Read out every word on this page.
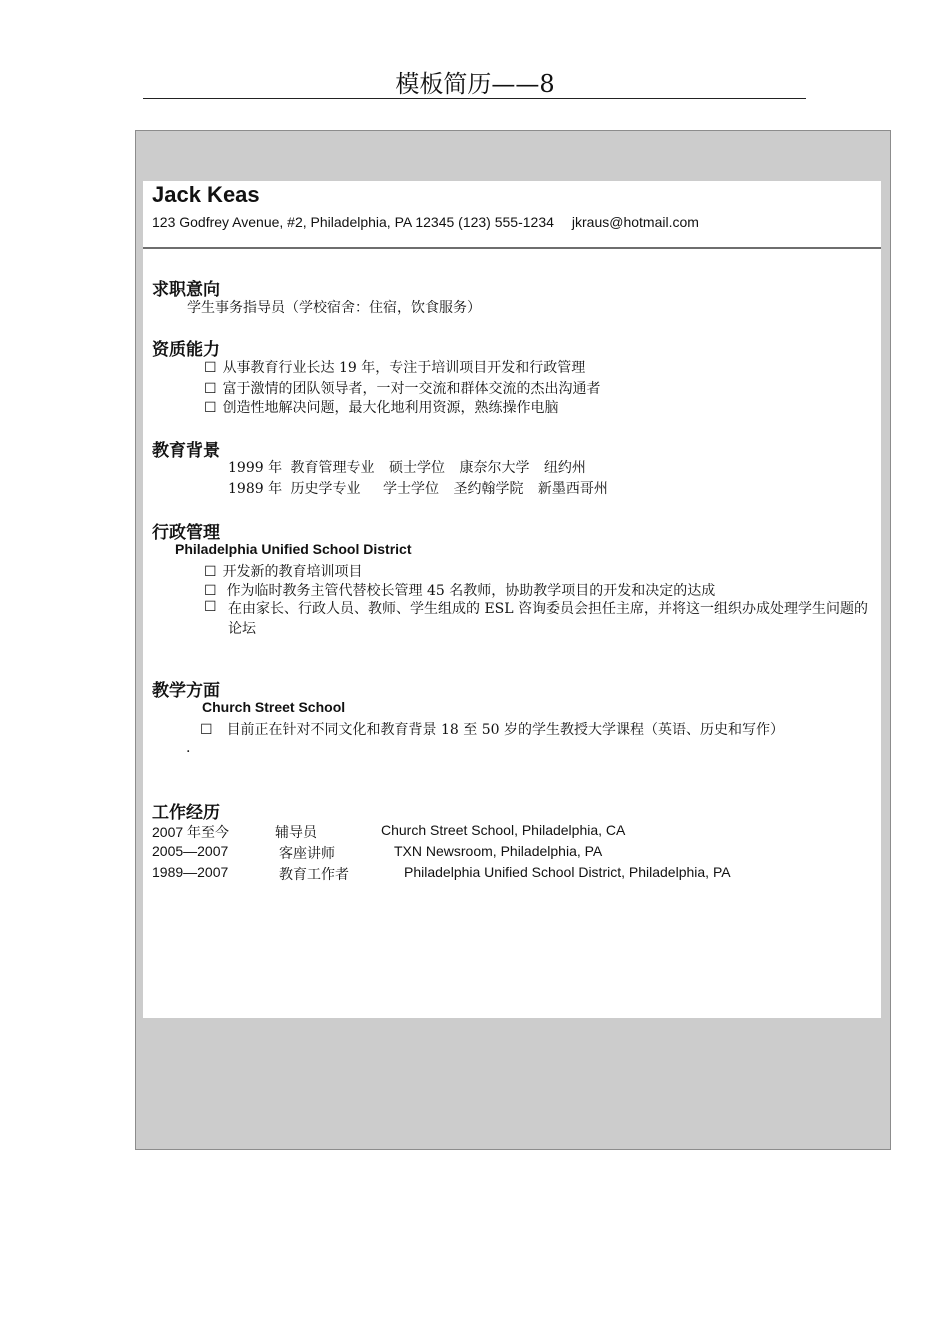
模板简历——8
Jack Keas
123 Godfrey Avenue, #2, Philadelphia, PA 12345 (123) 555-1234 jkraus@hotmail.com
求职意向
学生事务指导员（学校宿舍：住宿，饮食服务）
资质能力
☐ 从事教育行业长达 19 年，专注于培训项目开发和行政管理
☐ 富于激情的团队领导者，一对一交流和群体交流的杰出沟通者
☐ 创造性地解决问题，最大化地利用资源，熟练操作电脑
教育背景
1999 年 教育管理专业 硕士学位 康奈尔大学 纽约州
1989 年 历史学专业 学士学位 圣约翰学院 新墨西哥州
行政管理
Philadelphia Unified School District
☐ 开发新的教育培训项目
☐ 作为临时教务主管代替校长管理 45 名教师，协助教学项目的开发和决定的达成
☐ 在由家长、行政人员、教师、学生组成的 ESL 咨询委员会担任主席，并将这一组织办成处理学生问题的论坛
教学方面
Church Street School
☐ 目前正在针对不同文化和教育背景 18 至 50 岁的学生教授大学课程（英语、历史和写作）
.
工作经历
2007 年至今	辅导员	Church Street School, Philadelphia, CA
2005—2007	客座讲师	TXN Newsroom, Philadelphia, PA
1989—2007	教育工作者	Philadelphia Unified School District, Philadelphia, PA
